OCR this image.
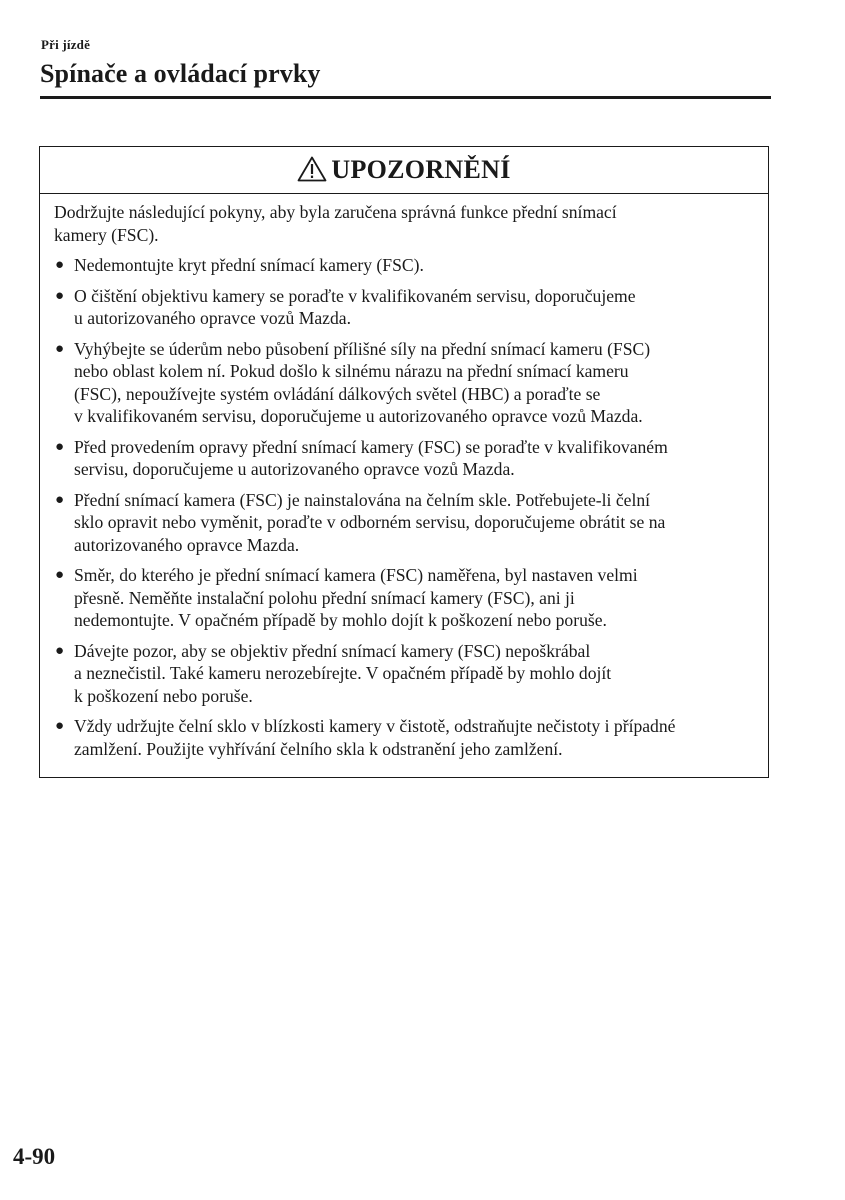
Při jízdě
Spínače a ovládací prvky
UPOZORNĚNÍ

Dodržujte následující pokyny, aby byla zaručena správná funkce přední snímací
kamery (FSC).

● Nedemontujte kryt přední snímací kamery (FSC).
● O čištění objektivu kamery se poraďte v kvalifikovaném servisu, doporučujeme
u autorizovaného opravce vozů Mazda.
● Vyhýbejte se úderům nebo působení přílišné síly na přední snímací kameru (FSC)
nebo oblast kolem ní. Pokud došlo k silnému nárazu na přední snímací kameru
(FSC), nepoužívejte systém ovládání dálkových světel (HBC) a poraďte se
v kvalifikovaném servisu, doporučujeme u autorizovaného opravce vozů Mazda.
● Před provedením opravy přední snímací kamery (FSC) se poraďte v kvalifikovaném
servisu, doporučujeme u autorizovaného opravce vozů Mazda.
● Přední snímací kamera (FSC) je nainstalována na čelním skle. Potřebujete-li čelní
sklo opravit nebo vyměnit, poraďte v odborném servisu, doporučujeme obrátit se na
autorizovaného opravce Mazda.
● Směr, do kterého je přední snímací kamera (FSC) naměřena, byl nastaven velmi
přesně. Neměňte instalační polohu přední snímací kamery (FSC), ani ji
nedemontujte. V opačném případě by mohlo dojít k poškození nebo poruše.
● Dávejte pozor, aby se objektiv přední snímací kamery (FSC) nepoškrábal
a neznečistil. Také kameru nerozebírejte. V opačném případě by mohlo dojít
k poškození nebo poruše.
● Vždy udržujte čelní sklo v blízkosti kamery v čistotě, odstraňujte nečistoty i případné
zamlžení. Použijte vyhřívání čelního skla k odstranění jeho zamlžení.
4-90
